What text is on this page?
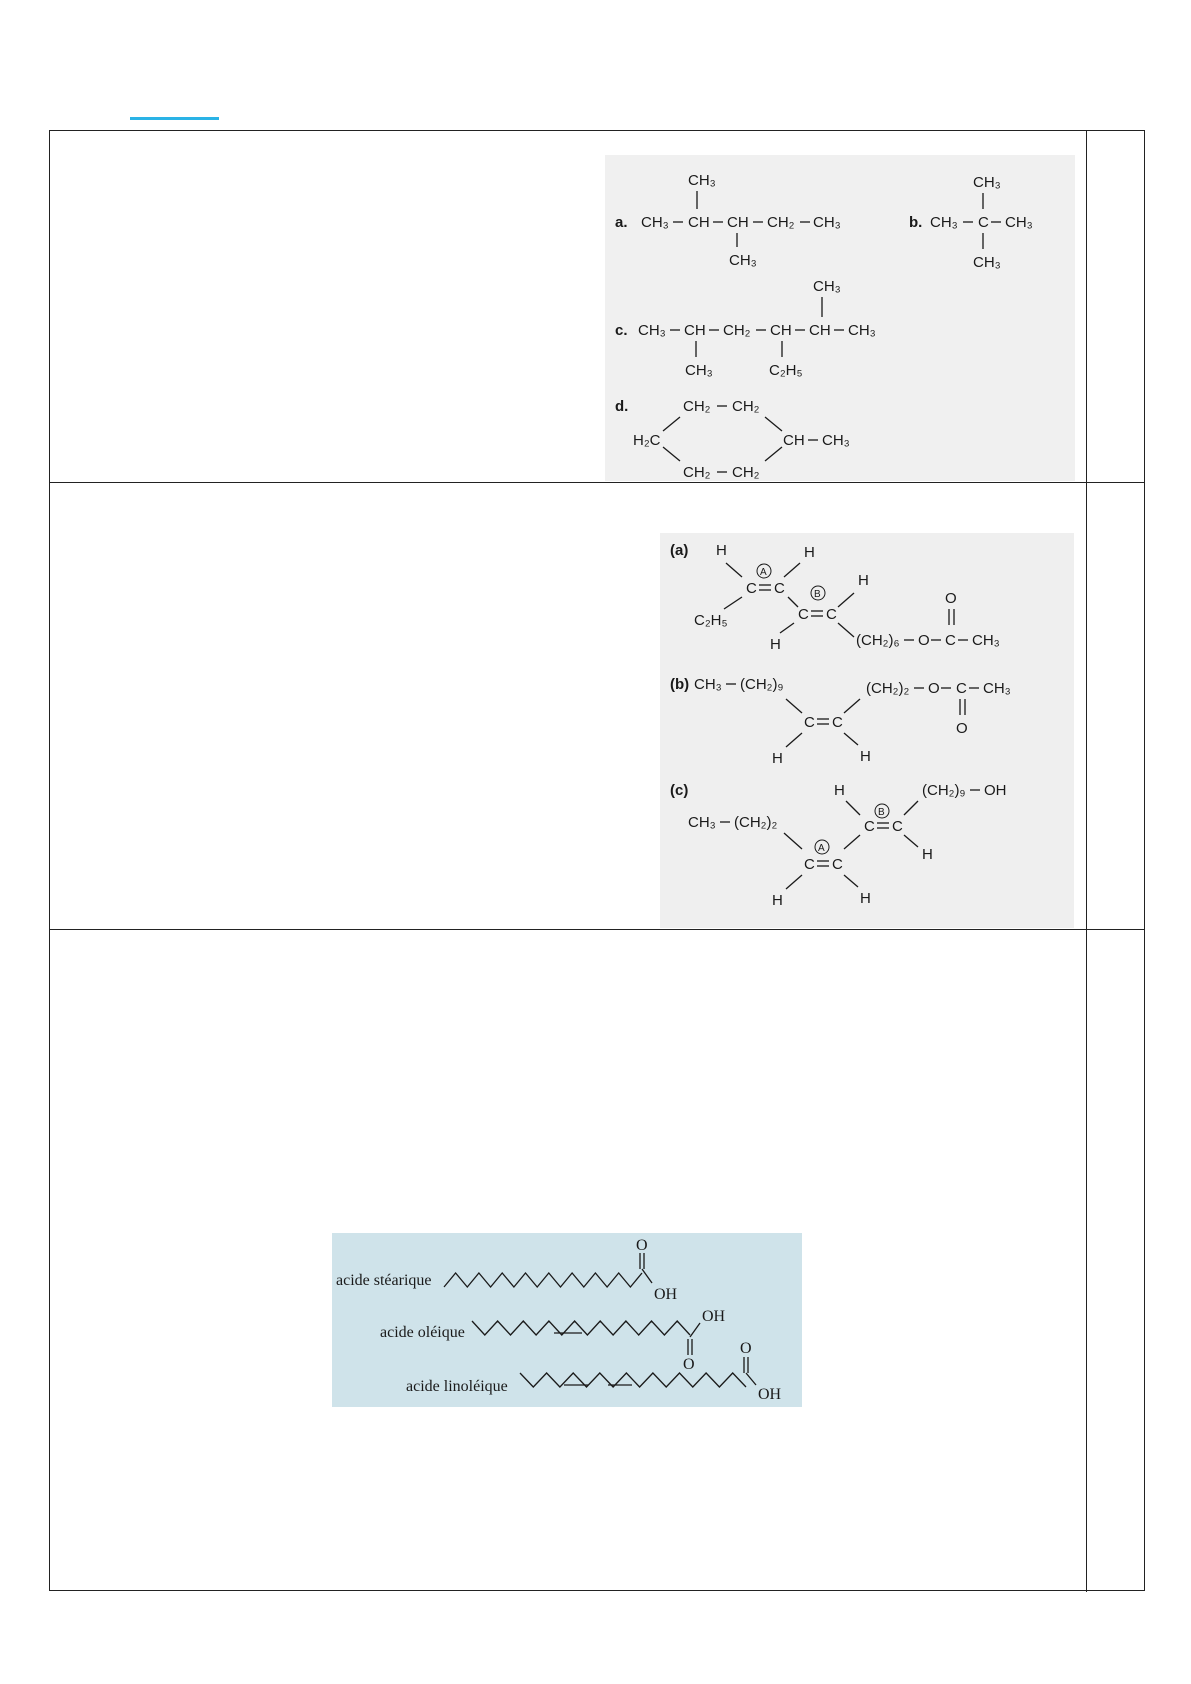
a. CH₃ CH CH CH₂ CH₃
CH₃
CH₃
b. CH₃ C CH₃
CH₃
CH₃
c. CH₃ CH CH₂ CH CH CH₃
CH₃
CH₃	C₂H₅
d.	CH₂ CH₂
H₂C	CH CH₃
CH₂ CH₂
(a) H	H
A
C C
C₂H₅
H
B
C C
H	(CH₂)₆ O C CH₃
O
(b) CH₃ (CH₂)₉	(CH₂)₂ O C CH₃
O
C C
H	H
(c)	H	(CH₂)₉ OH
CH₃ (CH₂)₂
B
C C
H
A
C C
H	H
acide stéarique
O
OH
acide oléique
OH
O
acide linoléique
O
OH
